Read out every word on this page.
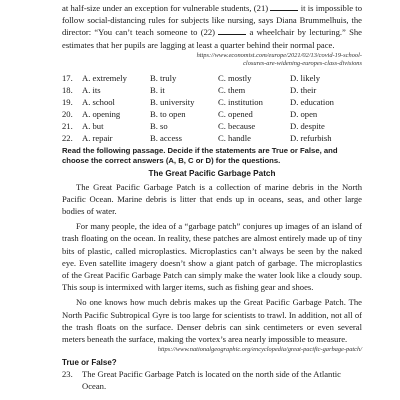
at half-size under an exception for vulnerable students, (21)	it is impossible to follow social-distancing rules for subjects like nursing, says Diana Brummelhuis, the director: “You can’t teach someone to (22)	a wheelchair by lecturing.” She estimates that her pupils are lagging at least a quarter behind their normal pace.

https://www.economist.com/europe/2021/02/13/covid-19-school-
closures-are-widening-europes-class-divisions
17.	A. extremely	B. truly	C. mostly	D. likely
18.	A. its	B. it	C. them	D. their
19.	A. school	B. university	C. institution	D. education
20.	A. opening	B. to open	C. opened	D. open
21.	A. but	B. so	C. because	D. despite
22.	A. repair	B. access	C. handle	D. refurbish
Read the following passage. Decide if the statements are True or False, and choose the correct answers (A, B, C or D) for the questions.
The Great Pacific Garbage Patch

The Great Pacific Garbage Patch is a collection of marine debris in the North Pacific Ocean. Marine debris is litter that ends up in oceans, seas, and other large bodies of water.

For many people, the idea of a “garbage patch” conjures up images of an island of trash floating on the ocean. In reality, these patches are almost entirely made up of tiny bits of plastic, called microplastics. Microplastics can’t always be seen by the naked eye. Even satellite imagery doesn’t show a giant patch of garbage. The microplastics of the Great Pacific Garbage Patch can simply make the water look like a cloudy soup. This soup is intermixed with larger items, such as fishing gear and shoes.

No one knows how much debris makes up the Great Pacific Garbage Patch. The North Pacific Subtropical Gyre is too large for scientists to trawl. In addition, not all of the trash floats on the surface. Denser debris can sink centimeters or even several meters beneath the surface, making the vortex’s area nearly impossible to measure.

https://www.nationalgeographic.org/encyclopedia/great-pacific-garbage-patch/
True or False?
23.	The Great Pacific Garbage Patch is located on the north side of the Atlantic Ocean.
